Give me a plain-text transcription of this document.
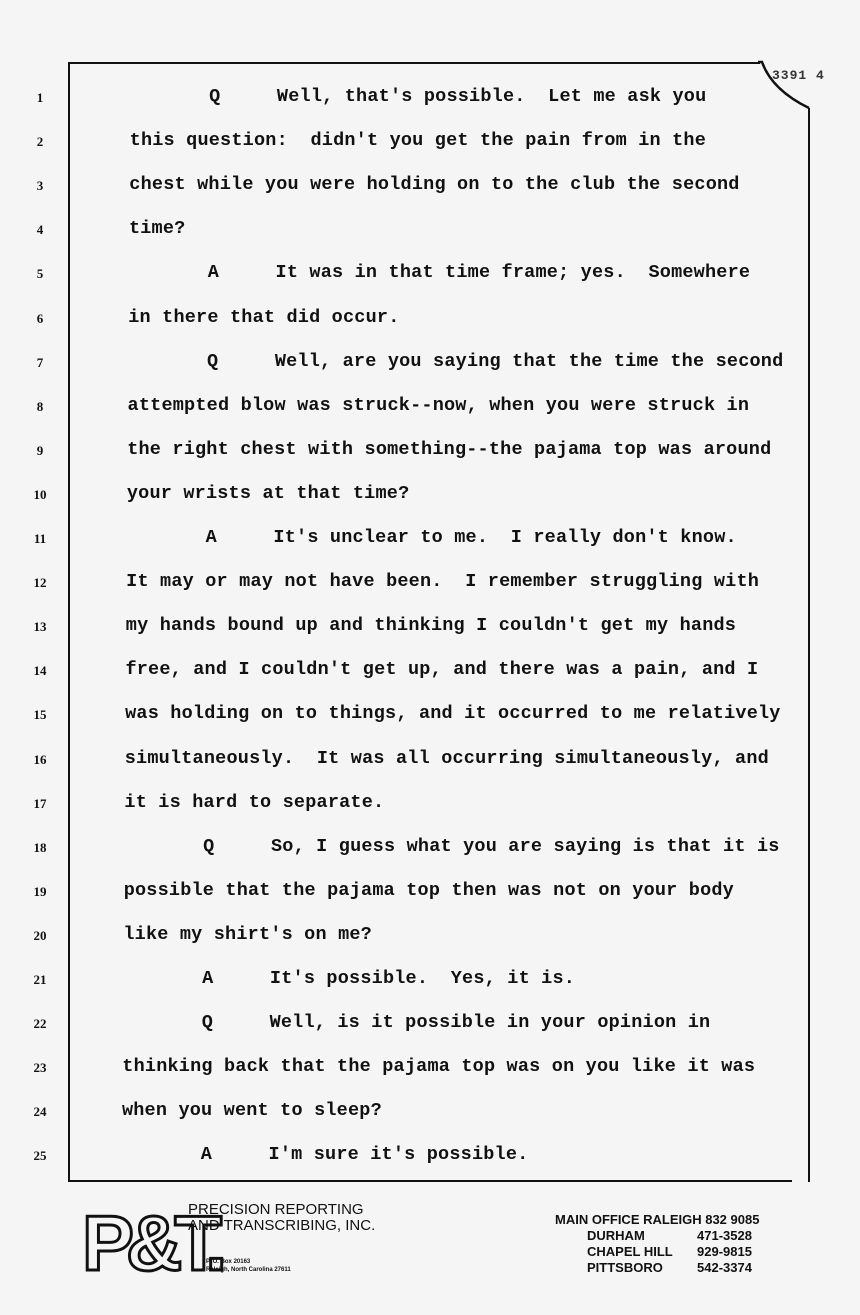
3391 4
1	Q     Well, that's possible.  Let me ask you
2	this question:  didn't you get the pain from in the
3	chest while you were holding on to the club the second
4	time?
5	A     It was in that time frame; yes.  Somewhere
6	in there that did occur.
7	Q     Well, are you saying that the time the second
8	attempted blow was struck--now, when you were struck in
9	the right chest with something--the pajama top was around
10	your wrists at that time?
11	A     It's unclear to me.  I really don't know.
12	It may or may not have been.  I remember struggling with
13	my hands bound up and thinking I couldn't get my hands
14	free, and I couldn't get up, and there was a pain, and I
15	was holding on to things, and it occurred to me relatively
16	simultaneously.  It was all occurring simultaneously, and
17	it is hard to separate.
18	Q     So, I guess what you are saying is that it is
19	possible that the pajama top then was not on your body
20	like my shirt's on me?
21	A     It's possible.  Yes, it is.
22	Q     Well, is it possible in your opinion in
23	thinking back that the pajama top was on you like it was
24	when you went to sleep?
25	A     I'm sure it's possible.
P&T.
PRECISION REPORTING
AND TRANSCRIBING, INC.
P. O. Box 20163
Raleigh, North Carolina 27611
MAIN OFFICE RALEIGH 832 9085
DURHAM	471-3528
CHAPEL HILL	929-9815
PITTSBORO	542-3374
